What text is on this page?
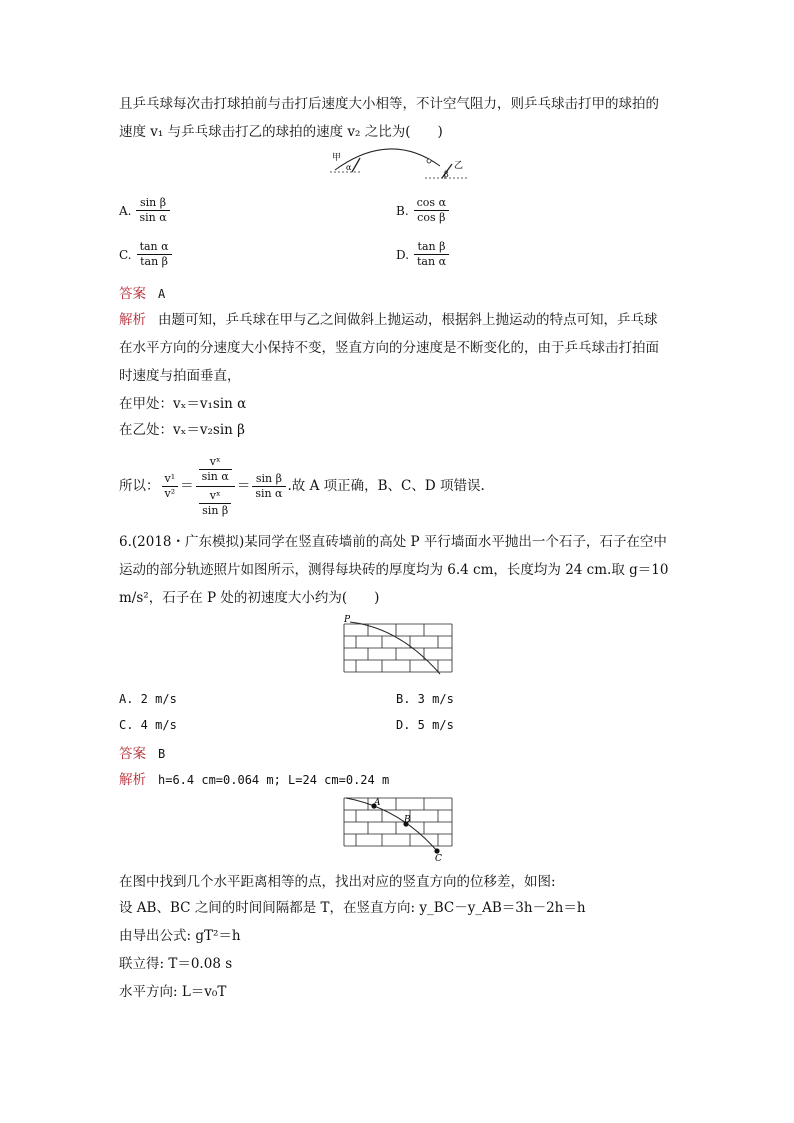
且乒乓球每次击打球拍前与击打后速度大小相等，不计空气阻力，则乒乓球击打甲的球拍的
速度 v₁ 与乒乓球击打乙的球拍的速度 v₂ 之比为(　　)
甲
α	乙
β
A. $\frac{\text{sin β}}{\text{sin α}}$	B. $\frac{\text{cos α}}{\text{cos β}}$
C. $\frac{\text{tan α}}{\text{tan β}}$	D. $\frac{\text{tan β}}{\text{tan α}}$
答案 A
解析 由题可知，乒乓球在甲与乙之间做斜上抛运动，根据斜上抛运动的特点可知，乒乓球
在水平方向的分速度大小保持不变，竖直方向的分速度是不断变化的，由于乒乓球击打拍面
时速度与拍面垂直，
在甲处：vₓ＝v₁sin α
在乙处：vₓ＝v₂sin β
所以： $\frac{\text{v¹}}{\text{v²}} = \frac{\frac{\text{vˣ}}{\text{sin α}}}{\frac{\text{vˣ}}{\text{sin β}}} = \frac{\text{sin β}}{\text{sin α}}$ .故 A 项正确，B、C、D 项错误.
6.(2018・广东模拟)某同学在竖直砖墙前的高处 P 平行墙面水平抛出一个石子，石子在空中
运动的部分轨迹照片如图所示，测得每块砖的厚度均为 6.4 cm，长度均为 24 cm.取 g＝10
m/s²，石子在 P 处的初速度大小约为(　　)
P
A. 2 m/s	B. 3 m/s
C. 4 m/s	D. 5 m/s
答案 B
解析 h=6.4 cm=0.064 m; L=24 cm=0.24 m
A
B
C
在图中找到几个水平距离相等的点，找出对应的竖直方向的位移差，如图:
设 AB、BC 之间的时间间隔都是 T，在竖直方向: y_BC－y_AB＝3h－2h＝h
由导出公式: gT²＝h
联立得: T＝0.08 s
水平方向: L＝v₀T
